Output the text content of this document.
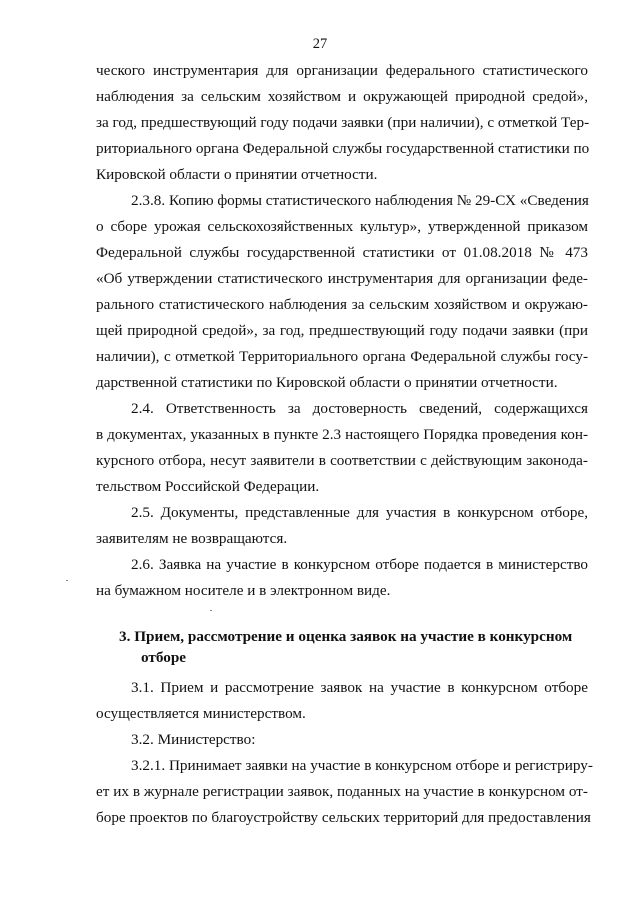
27
ческого инструментария для организации федерального статистического
наблюдения за сельским хозяйством и окружающей природной средой»,
за год, предшествующий году подачи заявки (при наличии), с отметкой Тер-
риториального органа Федеральной службы государственной статистики по
Кировской области о принятии отчетности.
2.3.8. Копию формы статистического наблюдения № 29-СХ «Сведения
о сборе урожая сельскохозяйственных культур», утвержденной приказом
Федеральной службы государственной статистики от 01.08.2018 № 473
«Об утверждении статистического инструментария для организации феде-
рального статистического наблюдения за сельским хозяйством и окружаю-
щей природной средой», за год, предшествующий году подачи заявки (при
наличии), с отметкой Территориального органа Федеральной службы госу-
дарственной статистики по Кировской области о принятии отчетности.
2.4. Ответственность за достоверность сведений, содержащихся
в документах, указанных в пункте 2.3 настоящего Порядка проведения кон-
курсного отбора, несут заявители в соответствии с действующим законода-
тельством Российской Федерации.
2.5. Документы, представленные для участия в конкурсном отборе,
заявителям не возвращаются.
2.6. Заявка на участие в конкурсном отборе подается в министерство
на бумажном носителе и в электронном виде.
3. Прием, рассмотрение и оценка заявок на участие в конкурсном
отборе
3.1. Прием и рассмотрение заявок на участие в конкурсном отборе
осуществляется министерством.
3.2. Министерство:
3.2.1. Принимает заявки на участие в конкурсном отборе и регистриру-
ет их в журнале регистрации заявок, поданных на участие в конкурсном от-
боре проектов по благоустройству сельских территорий для предоставления
